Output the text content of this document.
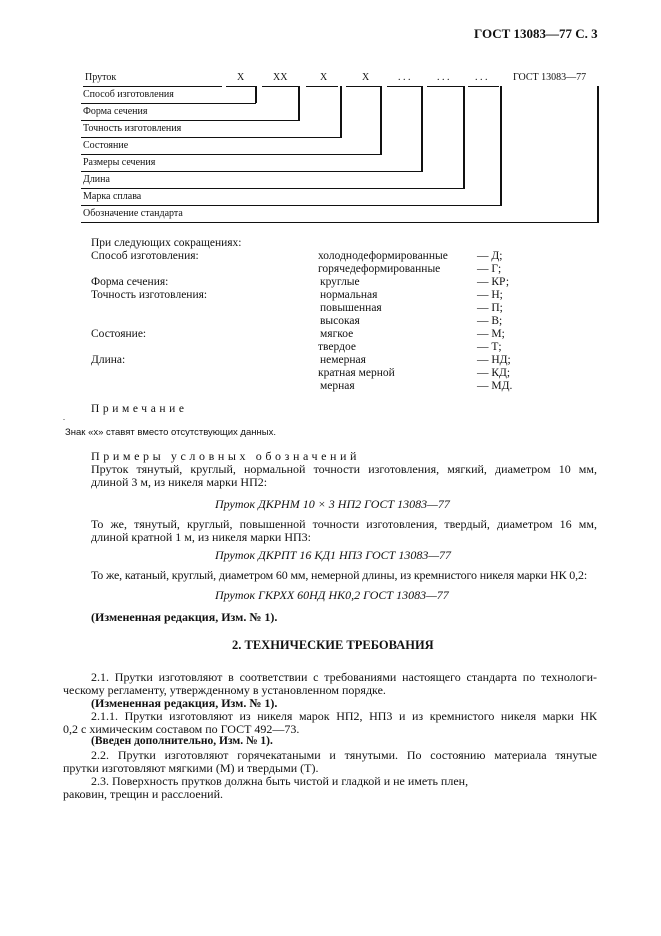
ГОСТ 13083—77 С. 3
Пруток	X	XX	X	X	. . .	. . .	. . .	ГОСТ 13083—77
Способ изготовления
Форма сечения
Точность изготовления
Состояние
Размеры сечения
Длина
Марка сплава
Обозначение стандарта
При следующих сокращениях:
Способ изготовления:	холоднодеформированные	— Д;
горячедеформированные	— Г;
Форма сечения:	круглые	— КР;
Точность изготовления:	нормальная	— Н;
повышенная	— П;
высокая	— В;
Состояние:	мягкое	— М;
твердое	— Т;
Длина:	немерная	— НД;
кратная мерной	— КД;
мерная	— МД.
Примечание
.
Знак «х» ставят вместо отсутствующих данных.
Примеры условных обозначений
Пруток тянутый, круглый, нормальной точности изготовления, мягкий, диаметром 10 мм,
длиной 3 м, из никеля марки НП2:
Пруток ДКРНМ 10 × 3 НП2 ГОСТ 13083—77
То же, тянутый, круглый, повышенной точности изготовления, твердый, диаметром 16 мм,
длиной кратной 1 м, из никеля марки НП3:
Пруток ДКРПТ 16 КД1 НП3 ГОСТ 13083—77
То же, катаный, круглый, диаметром 60 мм, немерной длины, из кремнистого никеля марки НК 0,2:
Пруток ГКРХХ 60НД НК0,2 ГОСТ 13083—77
(Измененная редакция, Изм. № 1).
2. ТЕХНИЧЕСКИЕ ТРЕБОВАНИЯ
2.1. Прутки изготовляют в соответствии с требованиями настоящего стандарта по технологи-
ческому регламенту, утвержденному в установленном порядке.
(Измененная редакция, Изм. № 1).
2.1.1. Прутки изготовляют из никеля марок НП2, НП3 и из кремнистого никеля марки НК
0,2 с химическим составом по ГОСТ 492—73.
(Введен дополнительно, Изм. № 1).
2.2. Прутки изготовляют горячекатаными и тянутыми. По состоянию материала тянутые
прутки изготовляют мягкими (М) и твердыми (Т).
2.3. Поверхность прутков должна быть чистой и гладкой и не иметь плен,
раковин, трещин и расслоений.
